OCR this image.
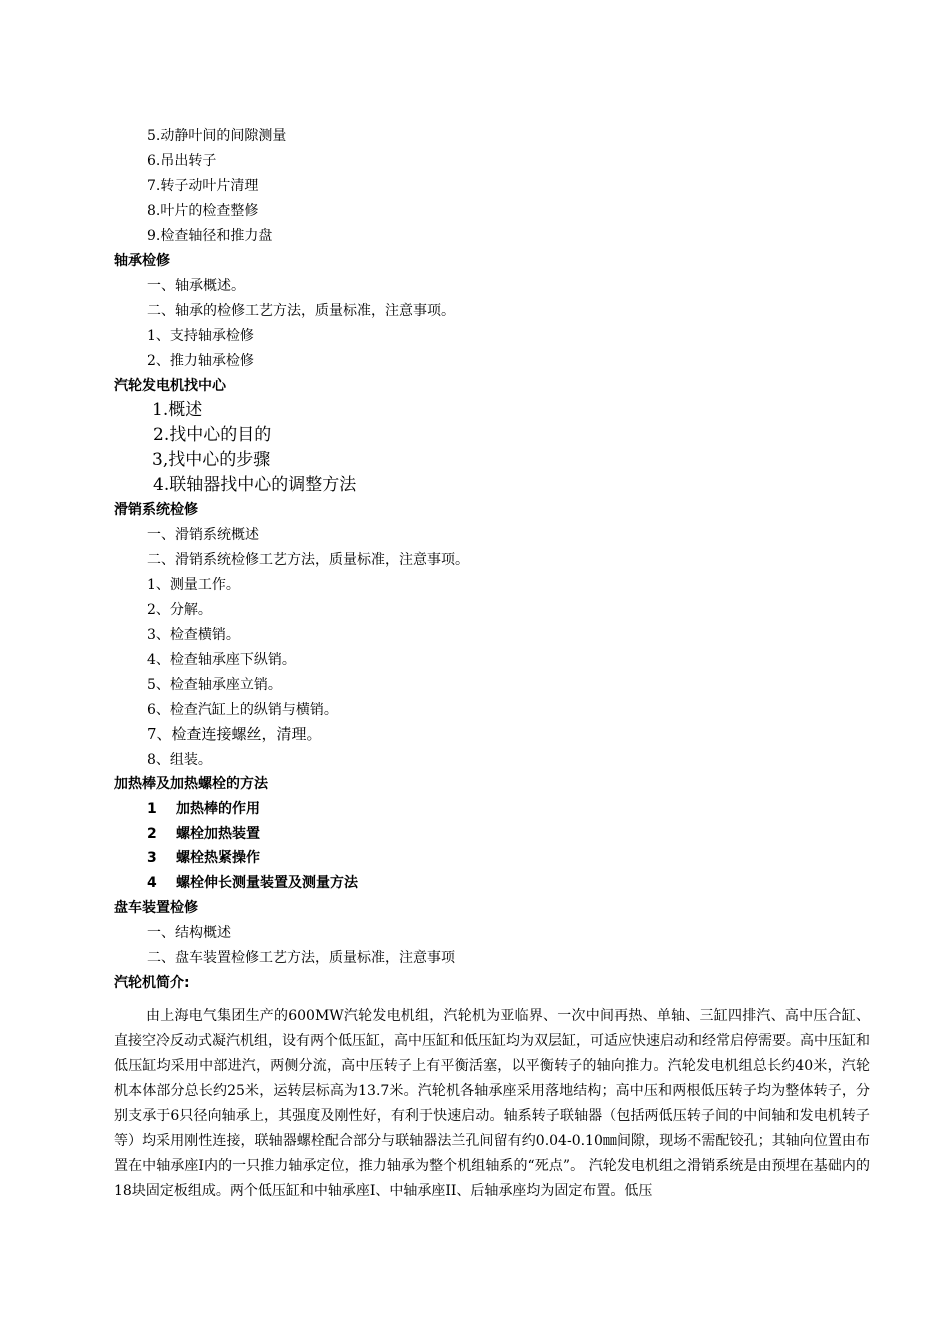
5.动静叶间的间隙测量
6.吊出转子
7.转子动叶片清理
8.叶片的检查整修
9.检查轴径和推力盘
轴承检修
一、轴承概述。
二、轴承的检修工艺方法，质量标准，注意事项。
1、支持轴承检修
2、推力轴承检修
汽轮发电机找中心
1.概述
2.找中心的目的
3,找中心的步骤
4.联轴器找中心的调整方法
滑销系统检修
一、滑销系统概述
二、滑销系统检修工艺方法，质量标准，注意事项。
1、测量工作。
2、分解。
3、检查横销。
4、检查轴承座下纵销。
5、检查轴承座立销。
6、检查汽缸上的纵销与横销。
7、检查连接螺丝，清理。
8、组装。
加热棒及加热螺栓的方法
1 加热棒的作用
2 螺栓加热装置
3 螺栓热紧操作
4 螺栓伸长测量装置及测量方法
盘车装置检修
一、结构概述
二、盘车装置检修工艺方法，质量标准，注意事项
汽轮机简介:
由上海电气集团生产的600MW汽轮发电机组，汽轮机为亚临界、一次中间再热、单轴、三缸四排汽、高中压合缸、直接空冷反动式凝汽机组，设有两个低压缸，高中压缸和低压缸均为双层缸，可适应快速启动和经常启停需要。高中压缸和低压缸均采用中部进汽，两侧分流，高中压转子上有平衡活塞，以平衡转子的轴向推力。汽轮发电机组总长约40米，汽轮机本体部分总长约25米，运转层标高为13.7米。汽轮机各轴承座采用落地结构；高中压和两根低压转子均为整体转子，分别支承于6只径向轴承上，其强度及刚性好，有利于快速启动。轴系转子联轴器（包括两低压转子间的中间轴和发电机转子等）均采用刚性连接，联轴器螺栓配合部分与联轴器法兰孔间留有约0.04-0.10㎜间隙，现场不需配铰孔；其轴向位置由布置在中轴承座Ⅰ内的一只推力轴承定位，推力轴承为整个机组轴系的“死点”。 汽轮发电机组之滑销系统是由预埋在基础内的18块固定板组成。两个低压缸和中轴承座Ⅰ、中轴承座II、后轴承座均为固定布置。低压
